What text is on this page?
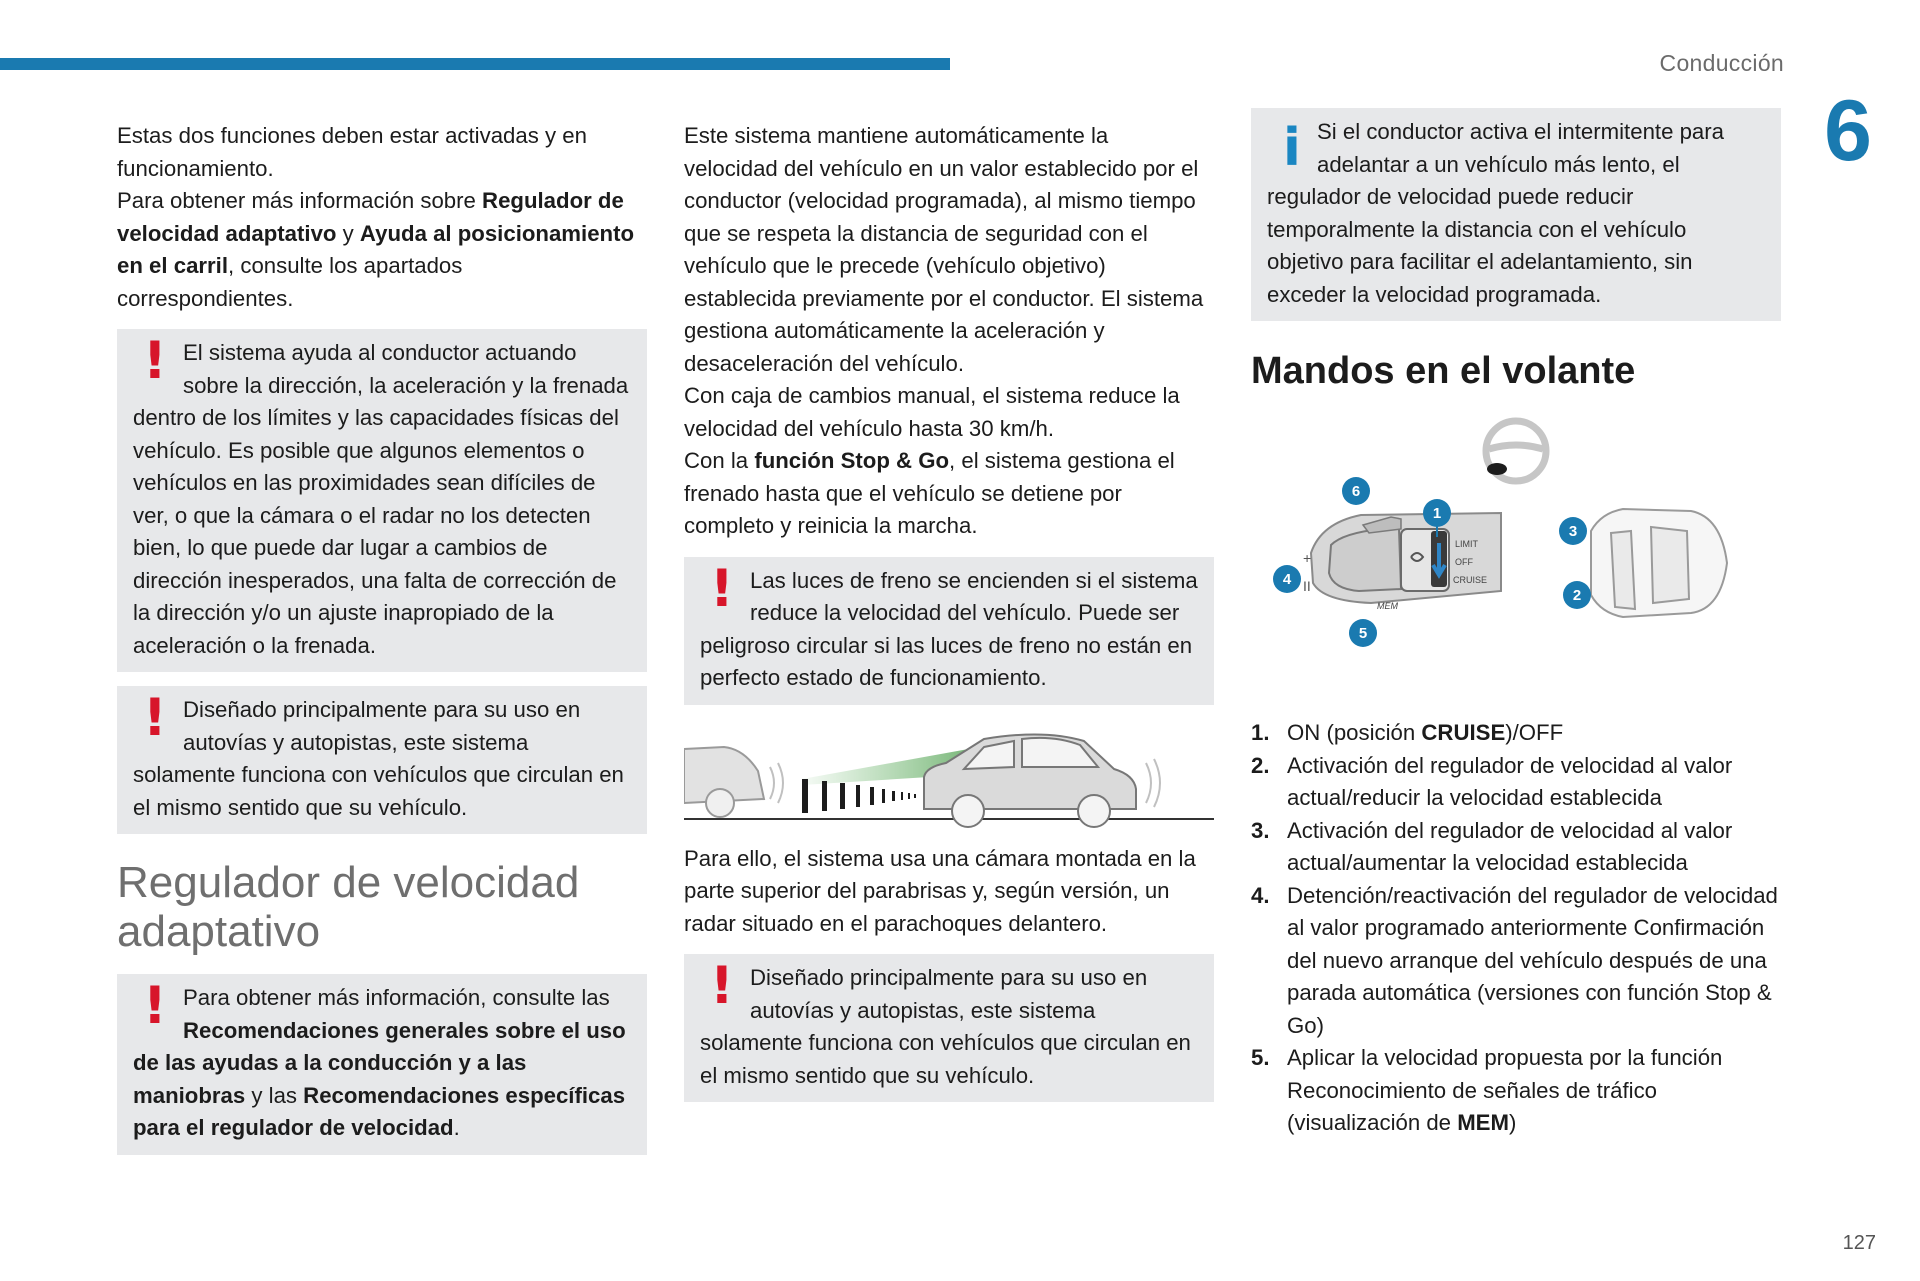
Conducción
6

Estas dos funciones deben estar activadas y en funcionamiento.
Para obtener más información sobre Regulador de velocidad adaptativo y Ayuda al posicionamiento en el carril, consulte los apartados correspondientes.

! El sistema ayuda al conductor actuando sobre la dirección, la aceleración y la frenada dentro de los límites y las capacidades físicas del vehículo. Es posible que algunos elementos o vehículos en las proximidades sean difíciles de ver, o que la cámara o el radar no los detecten bien, lo que puede dar lugar a cambios de dirección inesperados, una falta de corrección de la dirección y/o un ajuste inapropiado de la aceleración o la frenada.

! Diseñado principalmente para su uso en autovías y autopistas, este sistema solamente funciona con vehículos que circulan en el mismo sentido que su vehículo.

Regulador de velocidad adaptativo
! Para obtener más información, consulte las Recomendaciones generales sobre el uso de las ayudas a la conducción y a las maniobras y las Recomendaciones específicas para el regulador de velocidad.

Este sistema mantiene automáticamente la velocidad del vehículo en un valor establecido por el conductor (velocidad programada), al mismo tiempo que se respeta la distancia de seguridad con el vehículo que le precede (vehículo objetivo) establecida previamente por el conductor. El sistema gestiona automáticamente la aceleración y desaceleración del vehículo.

Con caja de cambios manual, el sistema reduce la velocidad del vehículo hasta 30 km/h.

Con la función Stop & Go, el sistema gestiona el frenado hasta que el vehículo se detiene por completo y reinicia la marcha.

! Las luces de freno se encienden si el sistema reduce la velocidad del vehículo. Puede ser peligroso circular si las luces de freno no están en perfecto estado de funcionamiento.

Para ello, el sistema usa una cámara montada en la parte superior del parabrisas y, según versión, un radar situado en el parachoques delantero.

! Diseñado principalmente para su uso en autovías y autopistas, este sistema solamente funciona con vehículos que circulan en el mismo sentido que su vehículo.

i Si el conductor activa el intermitente para adelantar a un vehículo más lento, el regulador de velocidad puede reducir temporalmente la distancia con el vehículo objetivo para facilitar el adelantamiento, sin exceder la velocidad programada.

Mandos en el volante
+
II
LIMIT
OFF
CRUISE
MEM
1
6
4
5
3
2
1. ON (posición CRUISE)/OFF
2. Activación del regulador de velocidad al valor actual/reducir la velocidad establecida
3. Activación del regulador de velocidad al valor actual/aumentar la velocidad establecida
4. Detención/reactivación del regulador de velocidad al valor programado anteriormente Confirmación del nuevo arranque del vehículo después de una parada automática (versiones con función Stop & Go)
5. Aplicar la velocidad propuesta por la función Reconocimiento de señales de tráfico (visualización de MEM)
127
